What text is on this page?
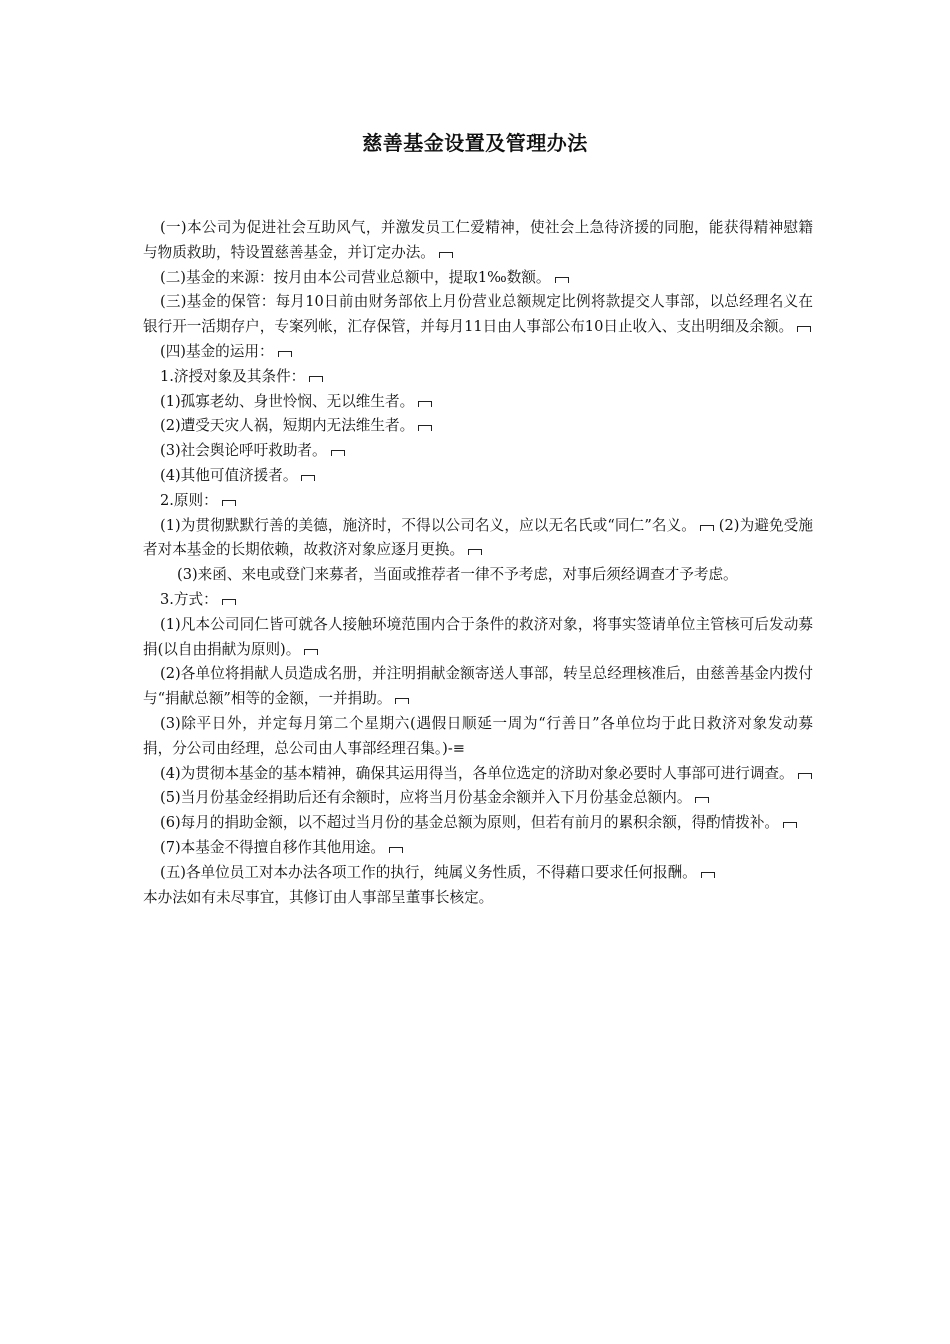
慈善基金设置及管理办法

(一)本公司为促进社会互助风气，并激发员工仁爱精神，使社会上急待济援的同胞，能获得精神慰籍与物质救助，特设置慈善基金，并订定办法。

(二)基金的来源：按月由本公司营业总额中，提取1‰数额。

(三)基金的保管：每月10日前由财务部依上月份营业总额规定比例将款提交人事部，以总经理名义在银行开一活期存户，专案列帐，汇存保管，并每月11日由人事部公布10日止收入、支出明细及余额。

(四)基金的运用：

1.济授对象及其条件：

(1)孤寡老幼、身世怜悯、无以维生者。

(2)遭受天灾人祸，短期内无法维生者。

(3)社会舆论呼吁救助者。

(4)其他可值济援者。

2.原则：

(1)为贯彻默默行善的美德，施济时，不得以公司名义，应以无名氏或“同仁”名义。 (2)为避免受施者对本基金的长期依赖，故救济对象应逐月更换。

(3)来函、来电或登门来募者，当面或推荐者一律不予考虑，对事后须经调查才予考虑。

3.方式：

(1)凡本公司同仁皆可就各人接触环境范围内合于条件的救济对象，将事实签请单位主管核可后发动募捐(以自由捐献为原则)。

(2)各单位将捐献人员造成名册，并注明捐献金额寄送人事部，转呈总经理核准后，由慈善基金内拨付与“捐献总额”相等的金额，一并捐助。

(3)除平日外，并定每月第二个星期六(遇假日顺延一周为“行善日”各单位均于此日救济对象发动募捐，分公司由经理，总公司由人事部经理召集。)-≡

(4)为贯彻本基金的基本精神，确保其运用得当，各单位选定的济助对象必要时人事部可进行调查。

(5)当月份基金经捐助后还有余额时，应将当月份基金余额并入下月份基金总额内。

(6)每月的捐助金额，以不超过当月份的基金总额为原则，但若有前月的累积余额，得酌情拨补。

(7)本基金不得擅自移作其他用途。

(五)各单位员工对本办法各项工作的执行，纯属义务性质，不得藉口要求任何报酬。

本办法如有未尽事宜，其修订由人事部呈董事长核定。
